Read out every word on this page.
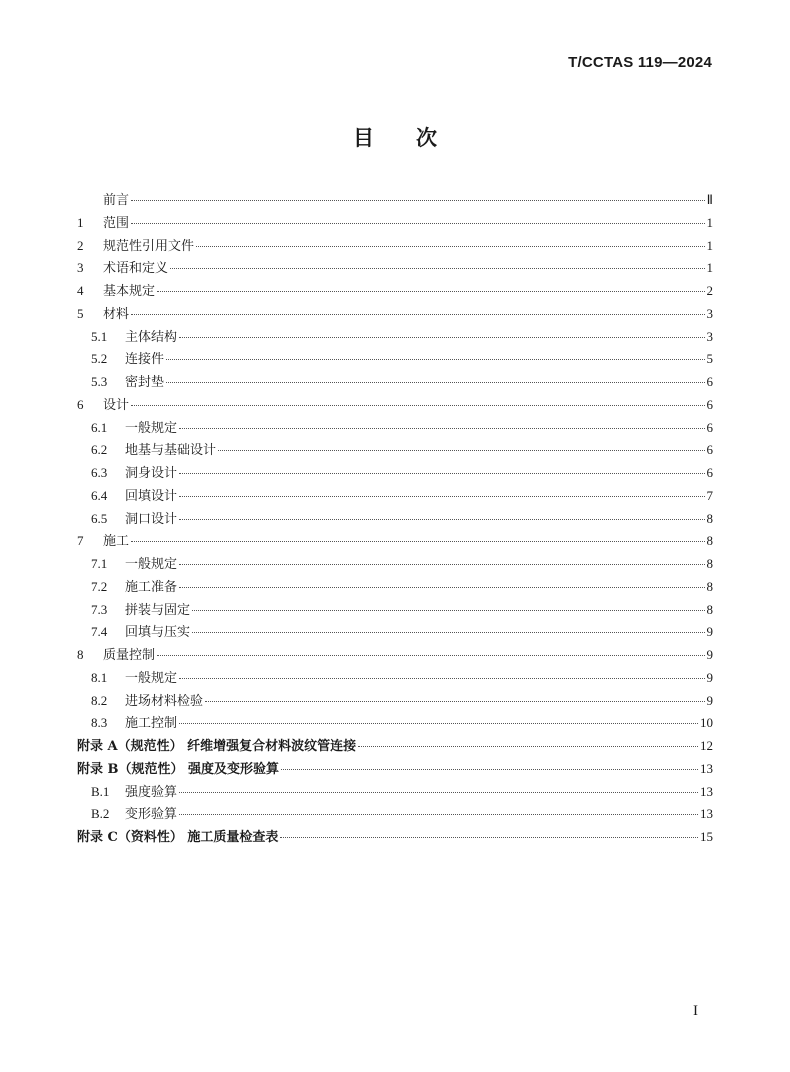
T/CCTAS 119—2024
目　　次
前言	Ⅱ
1	范围	1
2	规范性引用文件	1
3	术语和定义	1
4	基本规定	2
5	材料	3
5.1	主体结构	3
5.2	连接件	5
5.3	密封垫	6
6	设计	6
6.1	一般规定	6
6.2	地基与基础设计	6
6.3	洞身设计	6
6.4	回填设计	7
6.5	洞口设计	8
7	施工	8
7.1	一般规定	8
7.2	施工准备	8
7.3	拼装与固定	8
7.4	回填与压实	9
8	质量控制	9
8.1	一般规定	9
8.2	进场材料检验	9
8.3	施工控制	10
附录 A（规范性） 纤维增强复合材料波纹管连接	12
附录 B（规范性） 强度及变形验算	13
B.1	强度验算	13
B.2	变形验算	13
附录 C（资料性） 施工质量检查表	15
I
